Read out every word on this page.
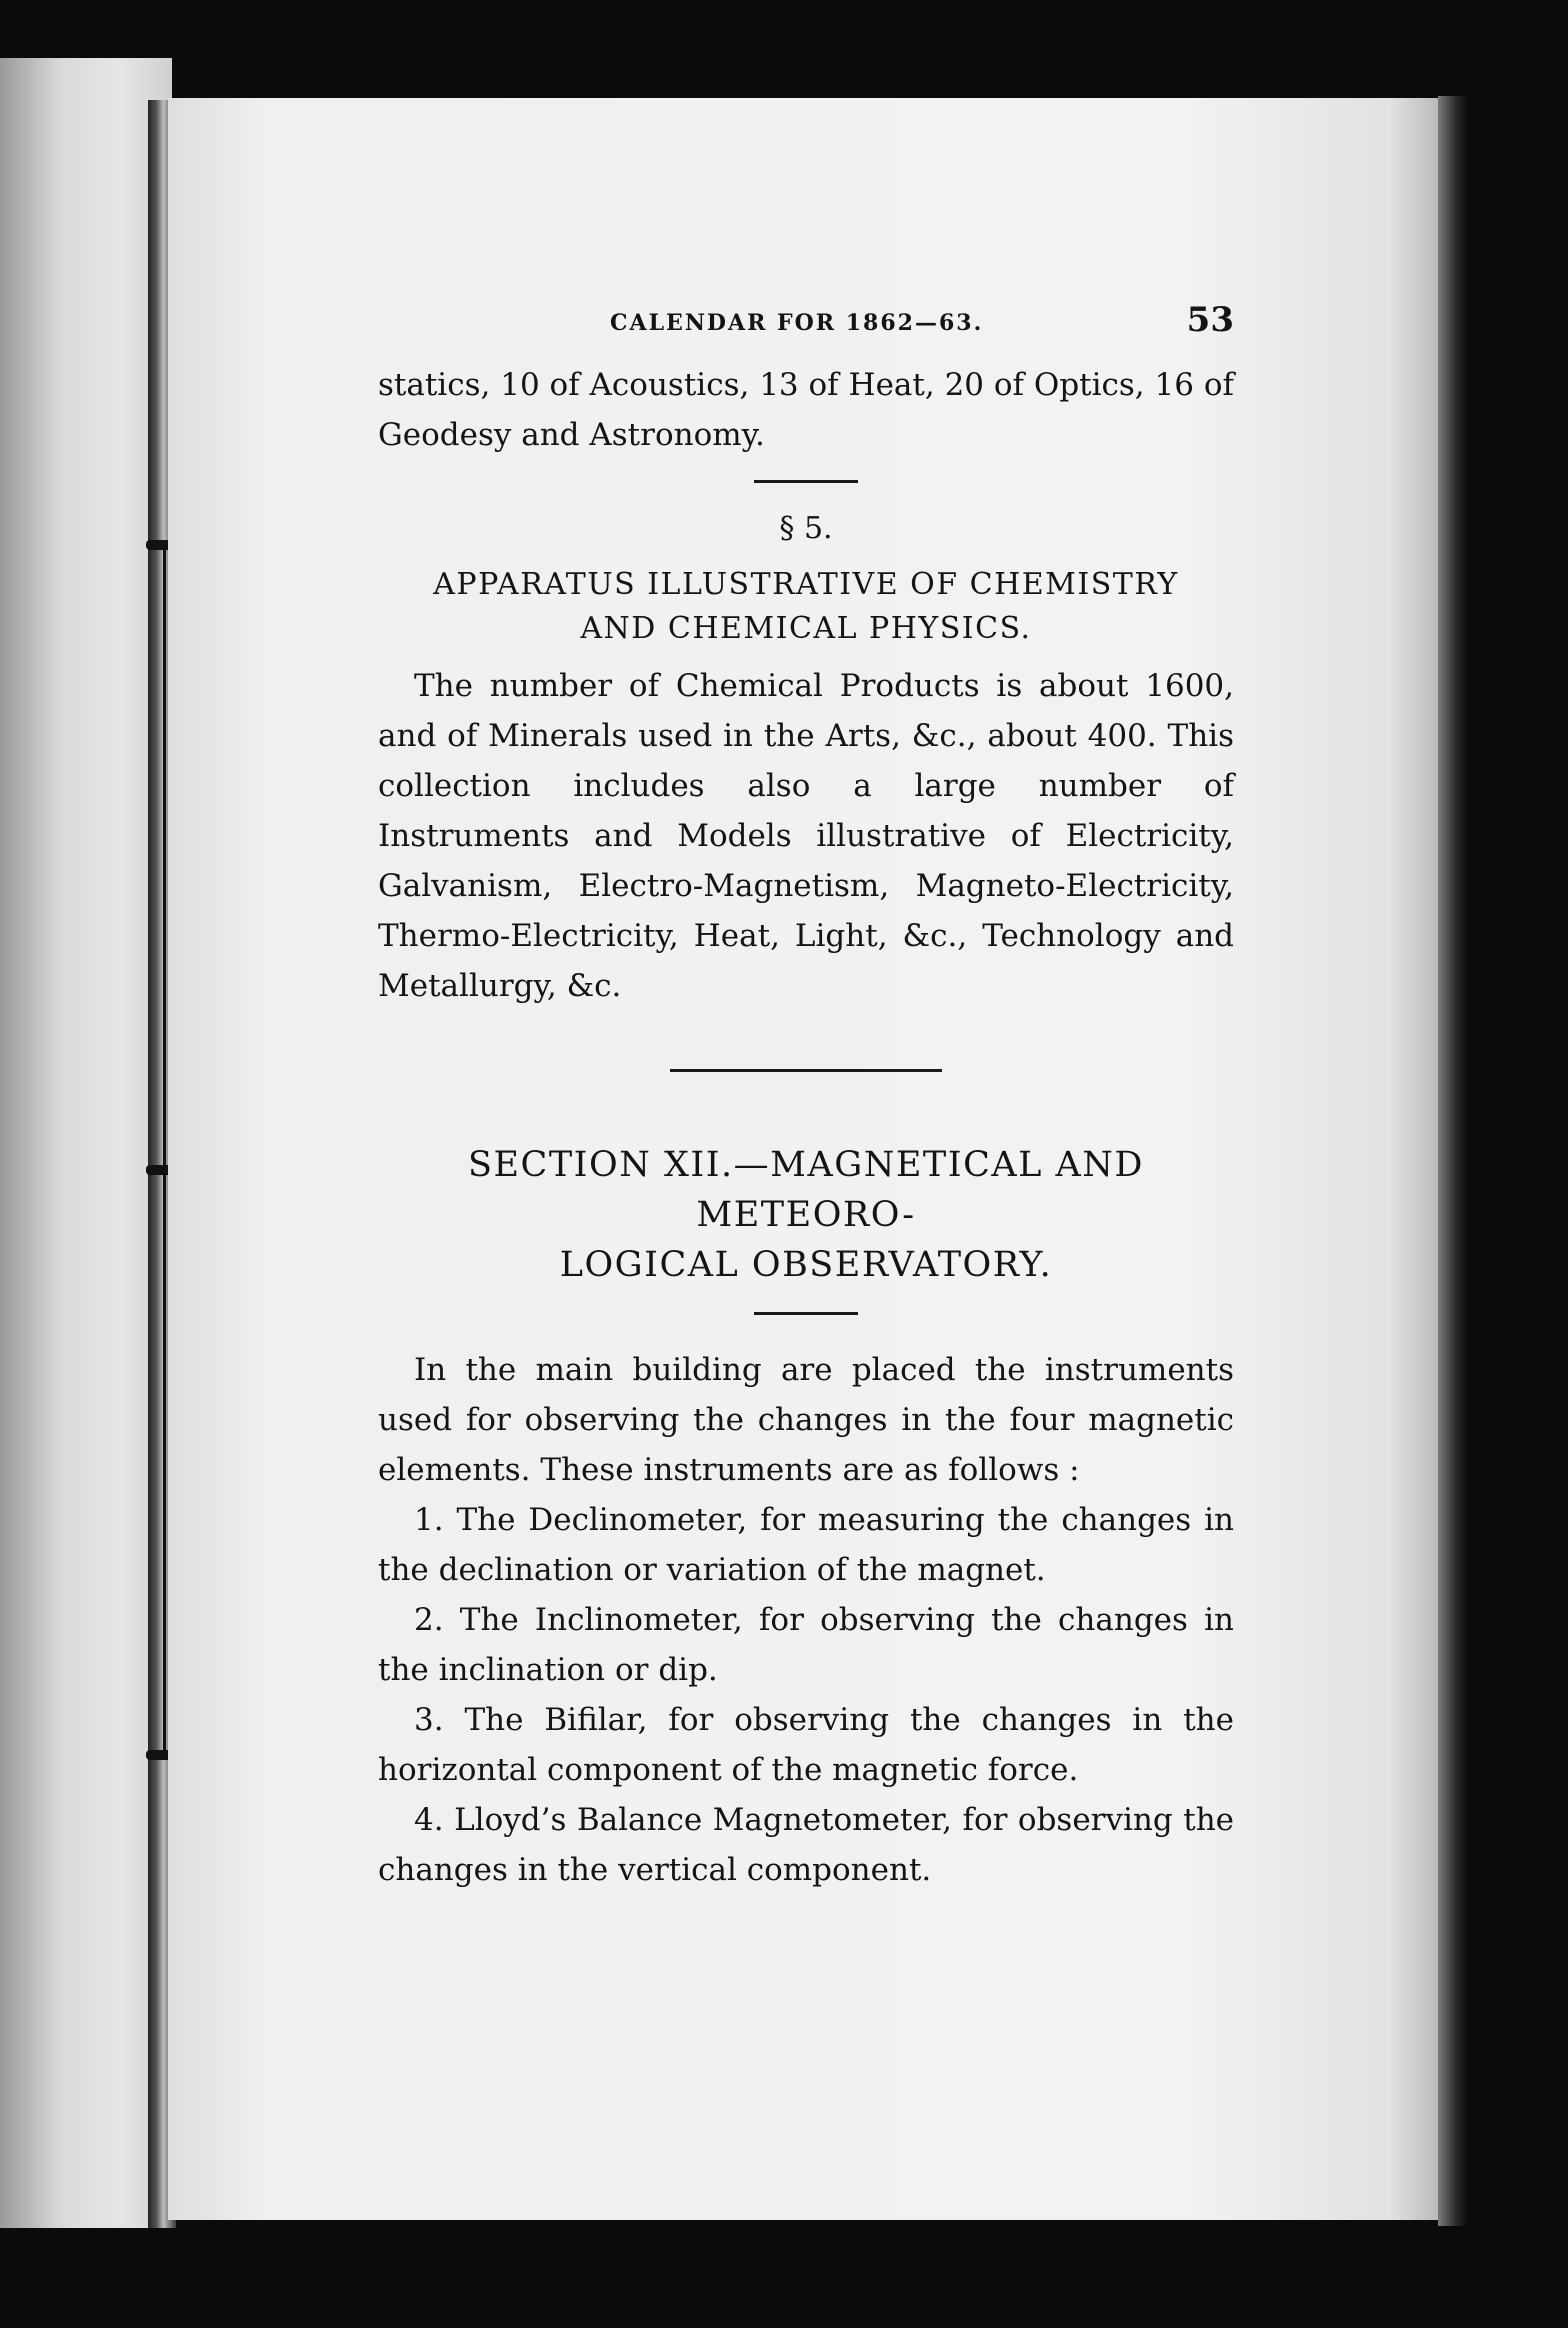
CALENDAR FOR 1862—63.	53

statics, 10 of Acoustics, 13 of Heat, 20 of Optics, 16 of Geodesy and Astronomy.

§ 5.
APPARATUS ILLUSTRATIVE OF CHEMISTRY
AND CHEMICAL PHYSICS.

The number of Chemical Products is about 1600, and of Minerals used in the Arts, &c., about 400. This collection includes also a large number of Instruments and Models illustrative of Electricity, Galvanism, Electro-Magnetism, Magneto-Electricity, Thermo-Electricity, Heat, Light, &c., Technology and Metallurgy, &c.

SECTION XII.—MAGNETICAL AND METEORO-
LOGICAL OBSERVATORY.

In the main building are placed the instruments used for observing the changes in the four magnetic elements. These instruments are as follows :

1. The Declinometer, for measuring the changes in the declination or variation of the magnet.

2. The Inclinometer, for observing the changes in the inclination or dip.

3. The Bifilar, for observing the changes in the horizontal component of the magnetic force.

4. Lloyd’s Balance Magnetometer, for observing the changes in the vertical component.
